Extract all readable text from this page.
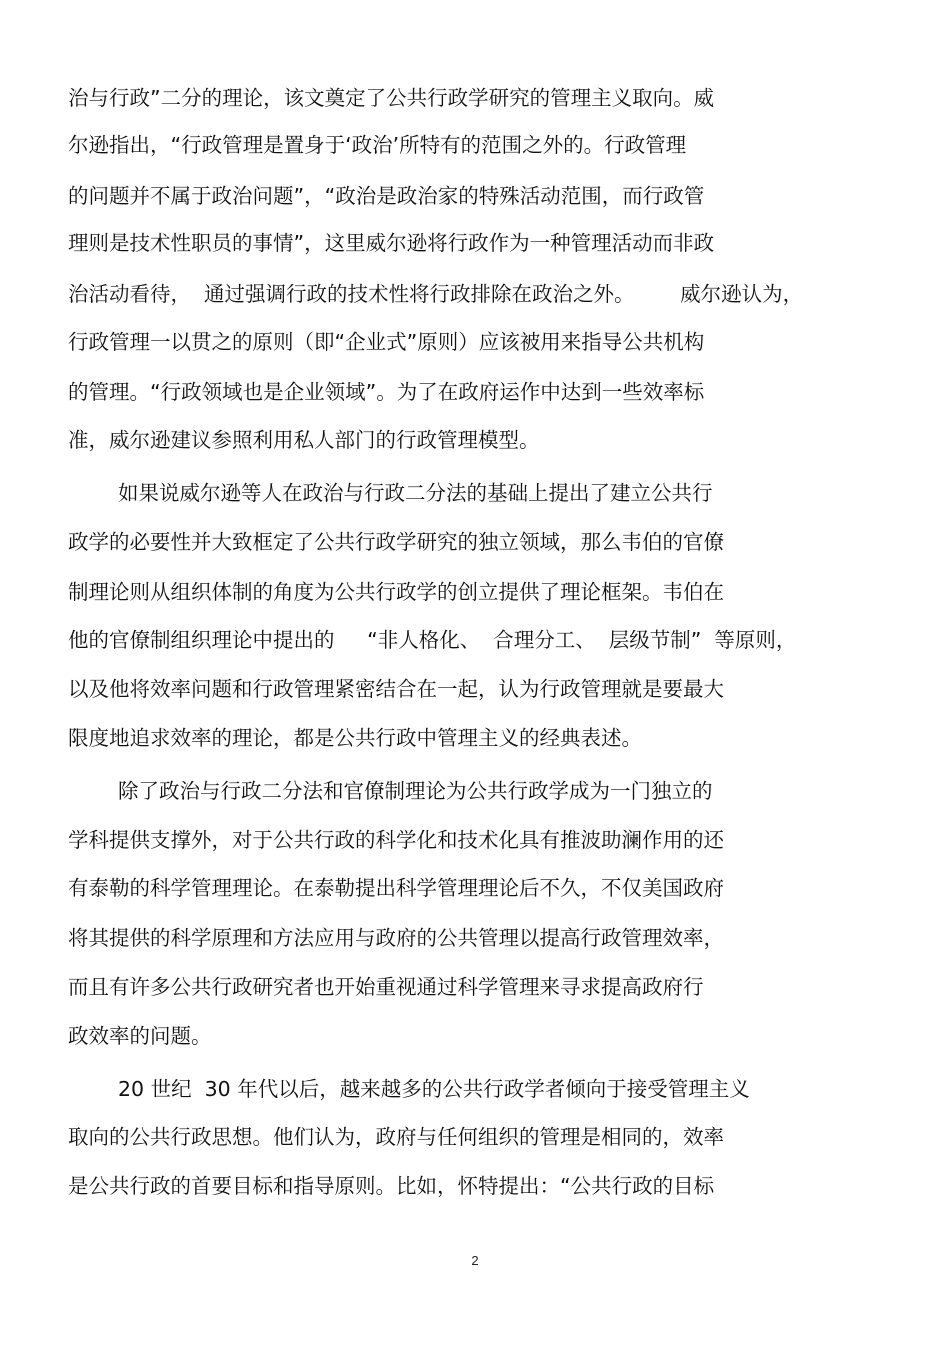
治与行政”二分的理论，该文奠定了公共行政学研究的管理主义取向。威
尔逊指出，“行政管理是置身于‘政治’所特有的范围之外的。行政管理
的问题并不属于政治问题”，“政治是政治家的特殊活动范围，而行政管
理则是技术性职员的事情”，这里威尔逊将行政作为一种管理活动而非政
治活动看待，  通过强调行政的技术性将行政排除在政治之外。       威尔逊认为，
行政管理一以贯之的原则（即“企业式”原则）应该被用来指导公共机构
的管理。“行政领域也是企业领域”。为了在政府运作中达到一些效率标
准，威尔逊建议参照利用私人部门的行政管理模型。
如果说威尔逊等人在政治与行政二分法的基础上提出了建立公共行
政学的必要性并大致框定了公共行政学研究的独立领域，那么韦伯的官僚
制理论则从组织体制的角度为公共行政学的创立提供了理论框架。韦伯在
他的官僚制组织理论中提出的     “非人格化、  合理分工、  层级节制”  等原则，
以及他将效率问题和行政管理紧密结合在一起，认为行政管理就是要最大
限度地追求效率的理论，都是公共行政中管理主义的经典表述。
除了政治与行政二分法和官僚制理论为公共行政学成为一门独立的
学科提供支撑外，对于公共行政的科学化和技术化具有推波助澜作用的还
有泰勒的科学管理理论。在泰勒提出科学管理理论后不久，不仅美国政府
将其提供的科学原理和方法应用与政府的公共管理以提高行政管理效率，
而且有许多公共行政研究者也开始重视通过科学管理来寻求提高政府行
政效率的问题。
20 世纪  30 年代以后，越来越多的公共行政学者倾向于接受管理主义
取向的公共行政思想。他们认为，政府与任何组织的管理是相同的，效率
是公共行政的首要目标和指导原则。比如，怀特提出：“公共行政的目标
2
